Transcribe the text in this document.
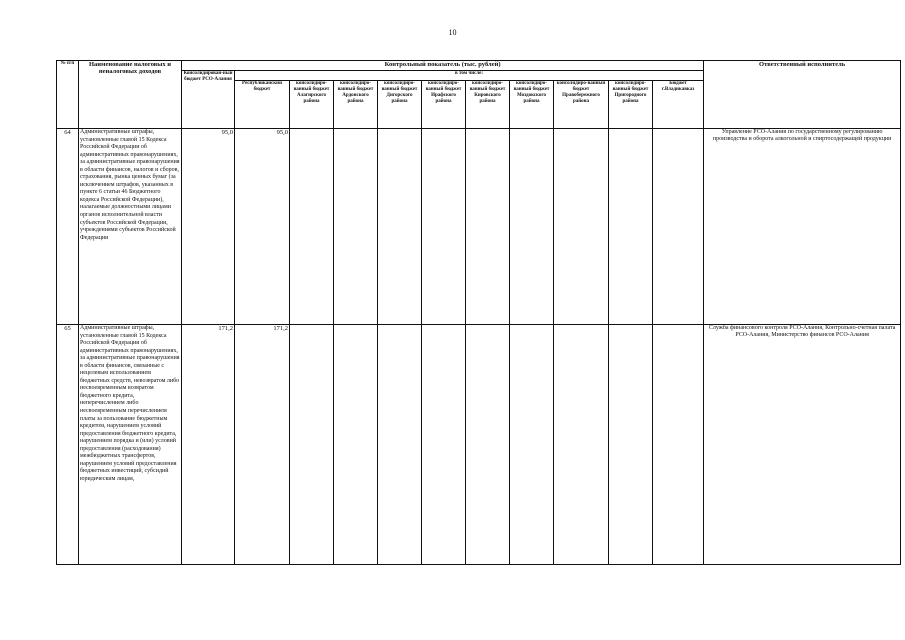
10
№ п/п	Наименование налоговых и неналоговых доходов	Контрольный показатель (тыс. рублей)											Ответственный исполнитель
		Консолидирован-ный бюджет РСО-Алания	в том числе:										
			Республиканский бюджет	консолидиро-ванный бюджет Алагирского района	консолидиро-ванный бюджет Ардонского района	консолидиро-ванный бюджет Дигорского района	консолидиро-ванный бюджет Ирафского района	консолидиро-ванный бюджет Кировского района	консолидиро-ванный бюджет Моздокского района	консолидиро-ванный бюджет Правобережного района	консолидиро-ванный бюджет Пригородного района	Бюджет г.Владикавказ	
64	Административные штрафы, установленные главой 15 Кодекса Российской Федерации об административных правонарушениях, за административные правонарушения в области финансов, налогов и сборов, страхования, рынка ценных бумаг (за исключением штрафов, указанных в пункте 6 статьи 46 Бюджетного кодекса Российской Федерации), налагаемые должностными лицами органов исполнительной власти субъектов Российской Федерации, учреждениями субъектов Российской Федерации	95,0	95,0										Управление РСО-Алания по государственному регулированию производства и оборота алкогольной и спиртосодержащей продукции
65	Административные штрафы, установленные главой 15 Кодекса Российской Федерации об административных правонарушениях, за административные правонарушения в области финансов, связанные с нецелевым использованием бюджетных средств, невозвратом либо несвоевременным возвратом бюджетного кредита, неперечислением либо несвоевременным перечислением платы за пользование бюджетным кредитом, нарушением условий предоставления бюджетного кредита, нарушением порядка и (или) условий предоставления (расходования) межбюджетных трансфертов, нарушением условий предоставления бюджетных инвестиций, субсидий юридическим лицам,	171,2	171,2										Служба финансового контроля РСО-Алания, Контрольно-счетная палата РСО-Алания, Министерство финансов РСО-Алания
